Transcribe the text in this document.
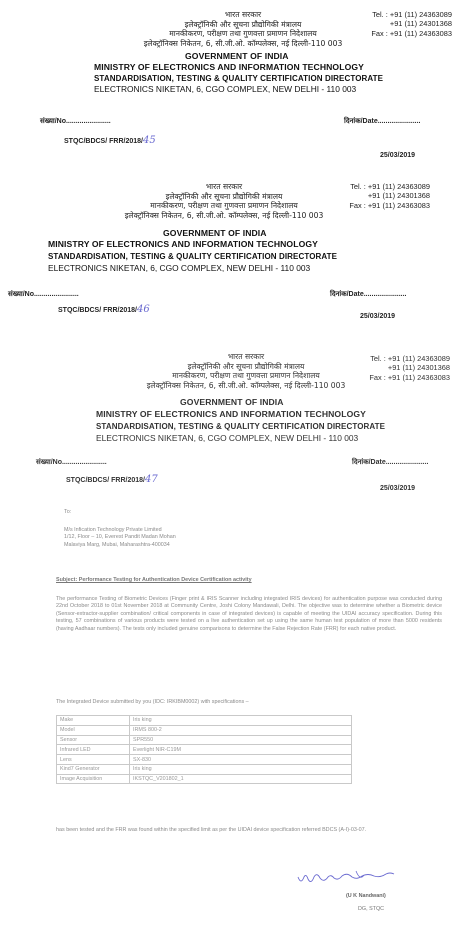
भारत सरकार
इलेक्ट्रॉनिकी और सूचना प्रौद्योगिकी मंत्रालय
मानकीकरण, परीक्षण तथा गुणवत्ता प्रमाणन निदेशालय
इलेक्ट्रॉनिक्स निकेतन, 6, सी.जी.ओ. कॉम्पलेक्स, नई दिल्ली-110 003
Tel. : +91 (11) 24363089
+91 (11) 24301368
Fax : +91 (11) 24363083
GOVERNMENT OF INDIA
MINISTRY OF ELECTRONICS AND INFORMATION TECHNOLOGY
STANDARDISATION, TESTING & QUALITY CERTIFICATION DIRECTORATE
ELECTRONICS NIKETAN, 6, CGO COMPLEX, NEW DELHI - 110 003
संख्या/No.......................	दिनांक/Date......................
STQC/BDCS/ FRR/2018/45
25/03/2019
भारत सरकार
इलेक्ट्रॉनिकी और सूचना प्रौद्योगिकी मंत्रालय
मानकीकरण, परीक्षण तथा गुणवत्ता प्रमाणन निदेशालय
इलेक्ट्रॉनिक्स निकेतन, 6, सी.जी.ओ. कॉम्पलेक्स, नई दिल्ली-110 003
Tel. : +91 (11) 24363089
+91 (11) 24301368
Fax : +91 (11) 24363083
GOVERNMENT OF INDIA
MINISTRY OF ELECTRONICS AND INFORMATION TECHNOLOGY
STANDARDISATION, TESTING & QUALITY CERTIFICATION DIRECTORATE
ELECTRONICS NIKETAN, 6, CGO COMPLEX, NEW DELHI - 110 003
संख्या/No.......................	दिनांक/Date......................
STQC/BDCS/ FRR/2018/46
25/03/2019
भारत सरकार
इलेक्ट्रॉनिकी और सूचना प्रौद्योगिकी मंत्रालय
मानकीकरण, परीक्षण तथा गुणवत्ता प्रमाणन निदेशालय
इलेक्ट्रॉनिक्स निकेतन, 6, सी.जी.ओ. कॉम्पलेक्स, नई दिल्ली-110 003
Tel. : +91 (11) 24363089
+91 (11) 24301368
Fax : +91 (11) 24363083
GOVERNMENT OF INDIA
MINISTRY OF ELECTRONICS AND INFORMATION TECHNOLOGY
STANDARDISATION, TESTING & QUALITY CERTIFICATION DIRECTORATE
ELECTRONICS NIKETAN, 6, CGO COMPLEX, NEW DELHI - 110 003
संख्या/No.......................	दिनांक/Date......................
STQC/BDCS/ FRR/2018/47
25/03/2019
To:
M/s Infication Technology Private Limited
1/12, Floor – 10, Everest Pandit Madan Mohan
Malaviya Marg, Mubai, Maharashtra-400034
Subject: Performance Testing for Authentication Device Certification activity
The performance Testing of Biometric Devices (Finger print & IRIS Scanner including integrated IRIS devices) for authentication purpose was conducted during 22nd October 2018 to 01st November 2018 at Community Centre, Joshi Colony Mandawali, Delhi. The objective was to determine whether a Biometric device (Sensor-extractor-supplier combination/ critical components in case of integrated devices) is capable of meeting the UIDAI accuracy specification. During this testing, 57 combinations of various products were tested on a live authentication set up using the same human test population of more than 5000 residents (having Aadhaar numbers). The tests only included genuine comparisons to determine the False Rejection Rate (FRR) for each native product.
The Integrated Device submitted by you (IDC: IRKIBM0002) with specifications –
Make	Iris king
Model	IRMS 800-2
Sensor	SPR550
Infrared LED	Everlight NIR-C19M
Lens	SX-830
Kind7 Generator	Iris king
Image Acquisition	IKSTQC_V201802_1
has been tested and the FRR was found within the specified limit as per the UIDAI device specification referred BDCS (A-I)-03-07.
(U K Nandwani)
DG, STQC
